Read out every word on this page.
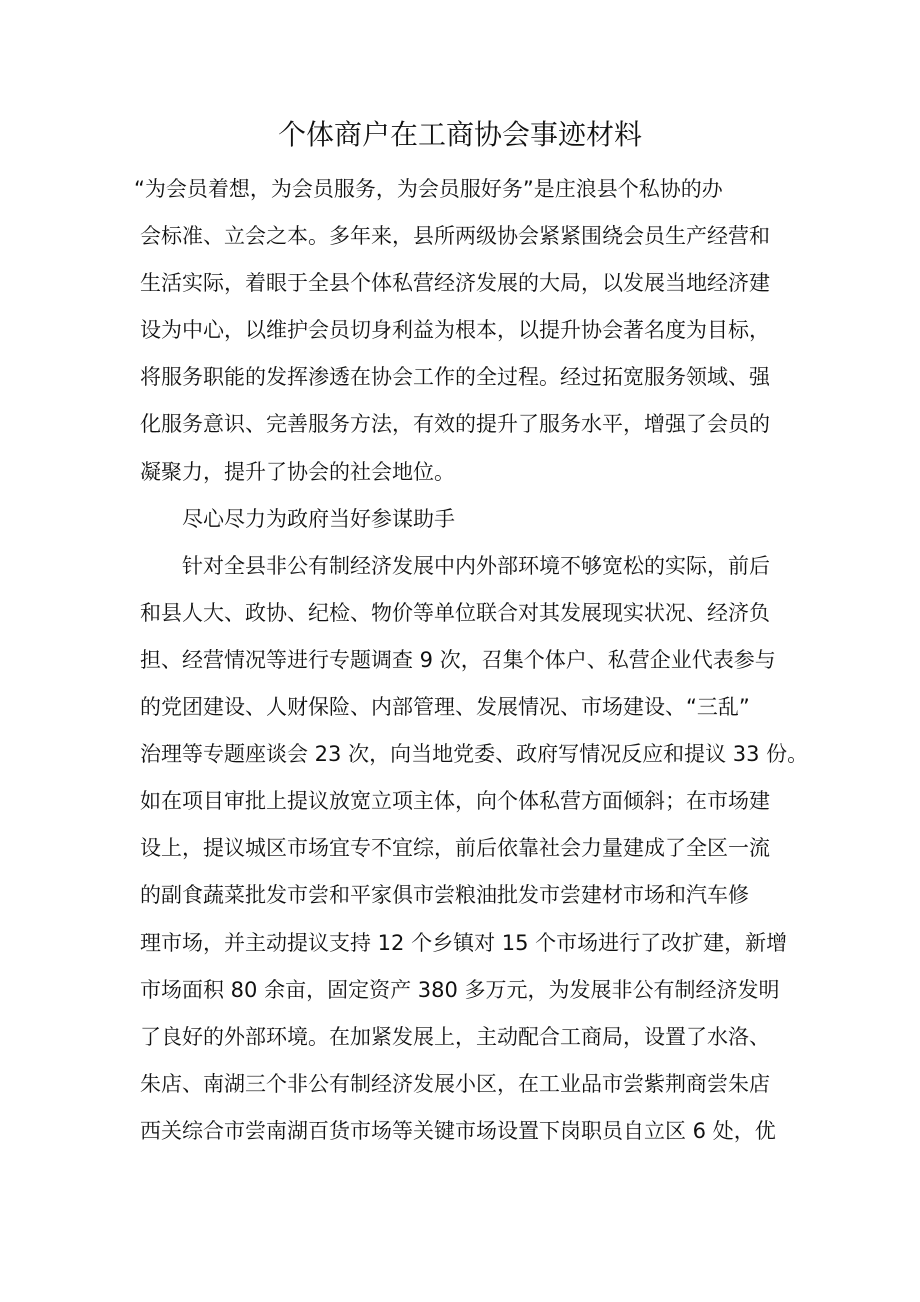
个体商户在工商协会事迹材料
“为会员着想，为会员服务，为会员服好务”是庄浪县个私协的办
会标准、立会之本。多年来，县所两级协会紧紧围绕会员生产经营和
生活实际，着眼于全县个体私营经济发展的大局，以发展当地经济建
设为中心，以维护会员切身利益为根本，以提升协会著名度为目标，
将服务职能的发挥渗透在协会工作的全过程。经过拓宽服务领域、强
化服务意识、完善服务方法，有效的提升了服务水平，增强了会员的
凝聚力，提升了协会的社会地位。
尽心尽力为政府当好参谋助手
针对全县非公有制经济发展中内外部环境不够宽松的实际，前后
和县人大、政协、纪检、物价等单位联合对其发展现实状况、经济负
担、经营情况等进行专题调查 9 次，召集个体户、私营企业代表参与
的党团建设、人财保险、内部管理、发展情况、市场建设、“三乱”
治理等专题座谈会 23 次，向当地党委、政府写情况反应和提议 33 份。
如在项目审批上提议放宽立项主体，向个体私营方面倾斜；在市场建
设上，提议城区市场宜专不宜综，前后依靠社会力量建成了全区一流
的副食蔬菜批发市尝和平家俱市尝粮油批发市尝建材市场和汽车修
理市场，并主动提议支持 12 个乡镇对 15 个市场进行了改扩建，新增
市场面积 80 余亩，固定资产 380 多万元，为发展非公有制经济发明
了良好的外部环境。在加紧发展上，主动配合工商局，设置了水洛、
朱店、南湖三个非公有制经济发展小区，在工业品市尝紫荆商尝朱店
西关综合市尝南湖百货市场等关键市场设置下岗职员自立区 6 处，优
